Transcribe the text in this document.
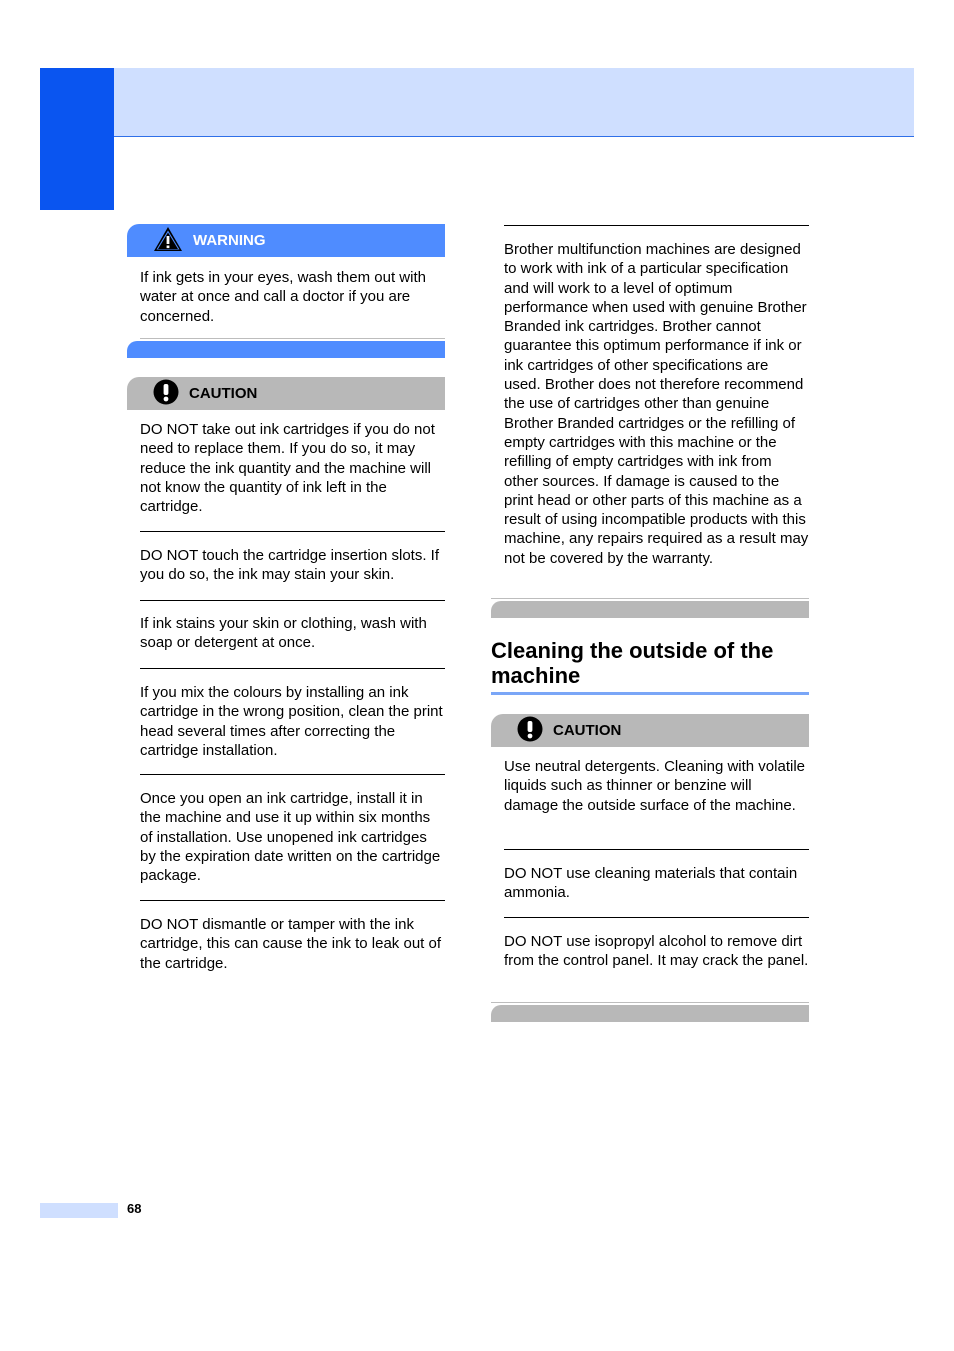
WARNING
If ink gets in your eyes, wash them out with water at once and call a doctor if you are concerned.
CAUTION
DO NOT take out ink cartridges if you do not need to replace them. If you do so, it may reduce the ink quantity and the machine will not know the quantity of ink left in the cartridge.
DO NOT touch the cartridge insertion slots. If you do so, the ink may stain your skin.
If ink stains your skin or clothing, wash with soap or detergent at once.
If you mix the colours by installing an ink cartridge in the wrong position, clean the print head several times after correcting the cartridge installation.
Once you open an ink cartridge, install it in the machine and use it up within six months of installation. Use unopened ink cartridges by the expiration date written on the cartridge package.
DO NOT dismantle or tamper with the ink cartridge, this can cause the ink to leak out of the cartridge.
Brother multifunction machines are designed to work with ink of a particular specification and will work to a level of optimum performance when used with genuine Brother Branded ink cartridges. Brother cannot guarantee this optimum performance if ink or ink cartridges of other specifications are used. Brother does not therefore recommend the use of cartridges other than genuine Brother Branded cartridges or the refilling of empty cartridges with this machine or the refilling of empty cartridges with ink from other sources. If damage is caused to the print head or other parts of this machine as a result of using incompatible products with this machine, any repairs required as a result may not be covered by the warranty.
Cleaning the outside of the machine
CAUTION
Use neutral detergents. Cleaning with volatile liquids such as thinner or benzine will damage the outside surface of the machine.
DO NOT use cleaning materials that contain ammonia.
DO NOT use isopropyl alcohol to remove dirt from the control panel. It may crack the panel.
68
